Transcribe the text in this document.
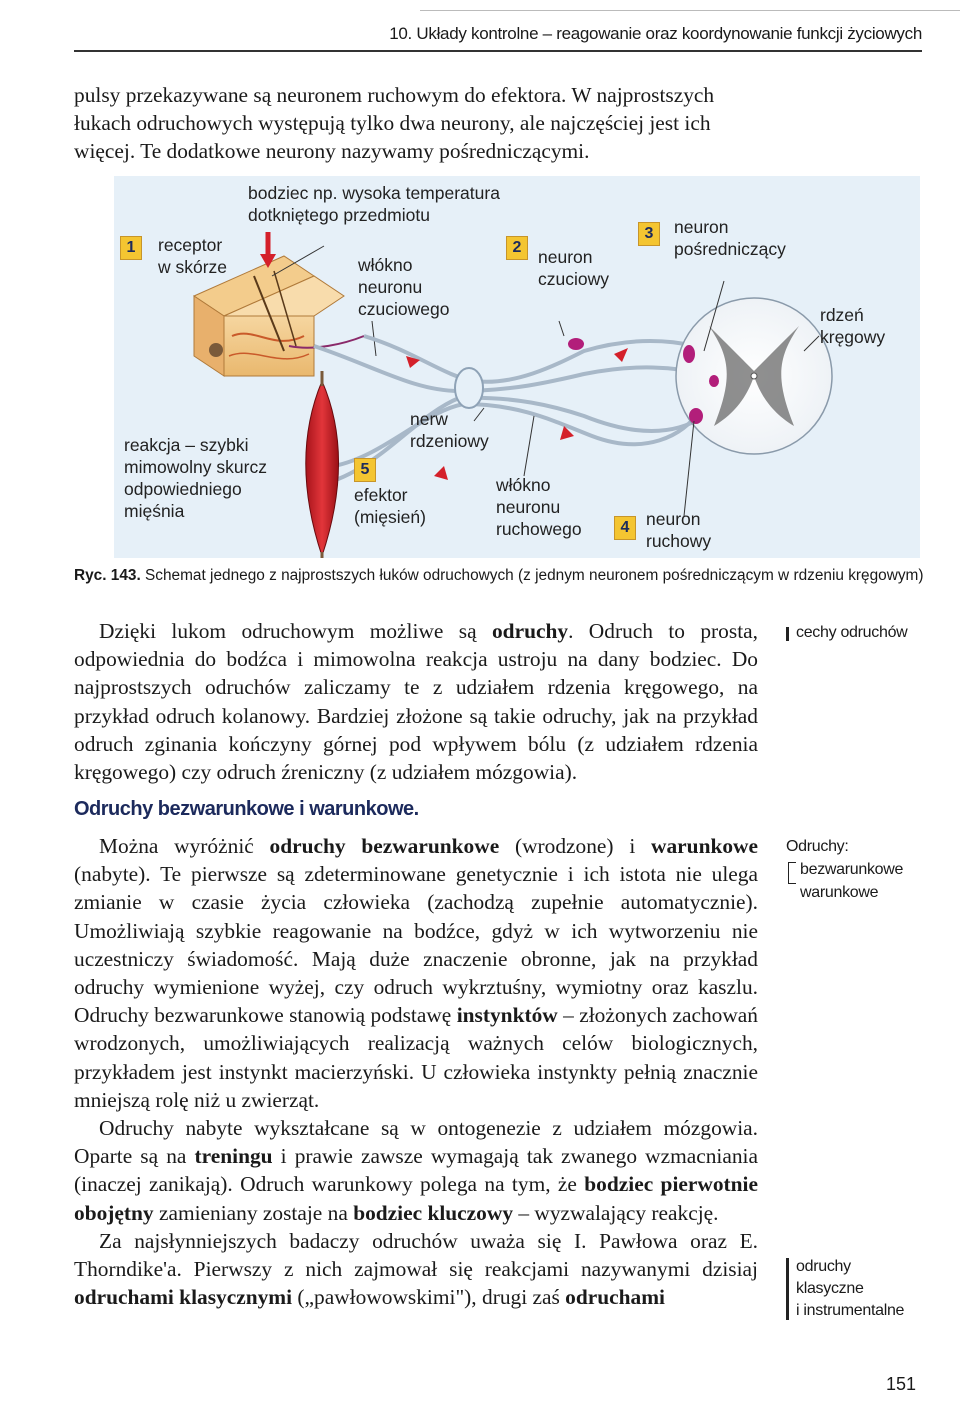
10. Układy kontrolne – reagowanie oraz koordynowanie funkcji życiowych

pulsy przekazywane są neuronem ruchowym do efektora. W najprostszych łukach odruchowych występują tylko dwa neurony, ale najczęściej jest ich więcej. Te dodatkowe neurony nazywamy pośredniczącymi.

bodziec np. wysoka temperatura
dotkniętego przedmiotu
1	receptor
w skórze	włókno
neuronu
czuciowego
2 neuron
czuciowy
3	neuron
pośredniczący
rdzeń
kręgowy
nerw
rdzeniowy
reakcja – szybki
mimowolny skurcz
odpowiedniego
mięśnia
5
efektor
(mięsień)
włókno
neuronu
ruchowego	4 neuron
ruchowy
Ryc. 143. Schemat jednego z najprostszych łuków odruchowych (z jednym neuronem pośredniczącym w rdzeniu kręgowym)

Dzięki lukom odruchowym możliwe są odruchy. Odruch to prosta, odpowiednia do bodźca i mimowolna reakcja ustroju na dany bodziec. Do najprostszych odruchów zaliczamy te z udziałem rdzenia kręgowego, na przykład odruch kolanowy. Bardziej złożone są takie odruchy, jak na przykład odruch zginania kończyny górnej pod wpływem bólu (z udziałem rdzenia kręgowego) czy odruch źreniczny (z udziałem mózgowia).

Odruchy bezwarunkowe i warunkowe.

Można wyróżnić odruchy bezwarunkowe (wrodzone) i warunkowe (nabyte). Te pierwsze są zdeterminowane genetycznie i ich istota nie ulega zmianie w czasie życia człowieka (zachodzą zupełnie automatycznie). Umożliwiają szybkie reagowanie na bodźce, gdyż w ich wytworzeniu nie uczestniczy świadomość. Mają duże znaczenie obronne, jak na przykład odruchy wymienione wyżej, czy odruch wykrztuśny, wymiotny oraz kaszlu. Odruchy bezwarunkowe stanowią podstawę instynktów – złożonych zachowań wrodzonych, umożliwiających realizacją ważnych celów biologicznych, przykładem jest instynkt macierzyński. U człowieka instynkty pełnią znacznie mniejszą rolę niż u zwierząt.

Odruchy nabyte wykształcane są w ontogenezie z udziałem mózgowia. Oparte są na treningu i prawie zawsze wymagają tak zwanego wzmacniania (inaczej zanikają). Odruch warunkowy polega na tym, że bodziec pierwotnie obojętny zamieniany zostaje na bodziec kluczowy – wyzwalający reakcję.

Za najsłynniejszych badaczy odruchów uważa się I. Pawłowa oraz E. Thorndike'a. Pierwszy z nich zajmował się reakcjami nazywanymi dzisiaj odruchami klasycznymi („pawłowowskimi"), drugi zaś odruchami

cechy odruchów
Odruchy:
bezwarunkowe
warunkowe
odruchy
klasyczne
i instrumentalne
151
